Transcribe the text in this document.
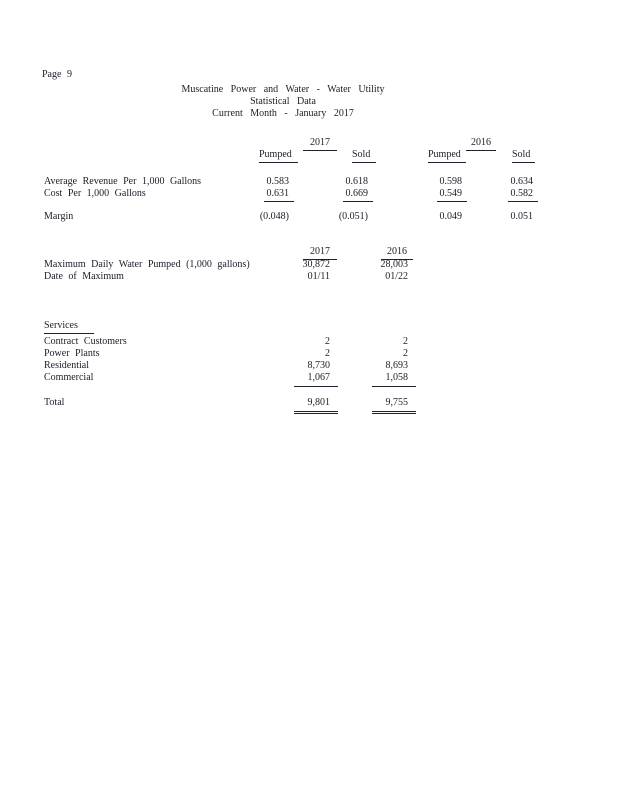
Page 9
Muscatine Power and Water - Water Utility
Statistical Data
Current Month - January 2017
2017	2016
Pumped	Sold	Pumped	Sold
Average Revenue Per 1,000 Gallons	0.583	0.618	0.598	0.634
Cost Per 1,000 Gallons	0.631	0.669	0.549	0.582
Margin	(0.048)	(0.051)	0.049	0.051
2017	2016
Maximum Daily Water Pumped (1,000 gallons)	30,872	28,003
Date of Maximum	01/11	01/22
Services
Contract Customers	2	2
Power Plants	2	2
Residential	8,730	8,693
Commercial	1,067	1,058
Total	9,801	9,755
